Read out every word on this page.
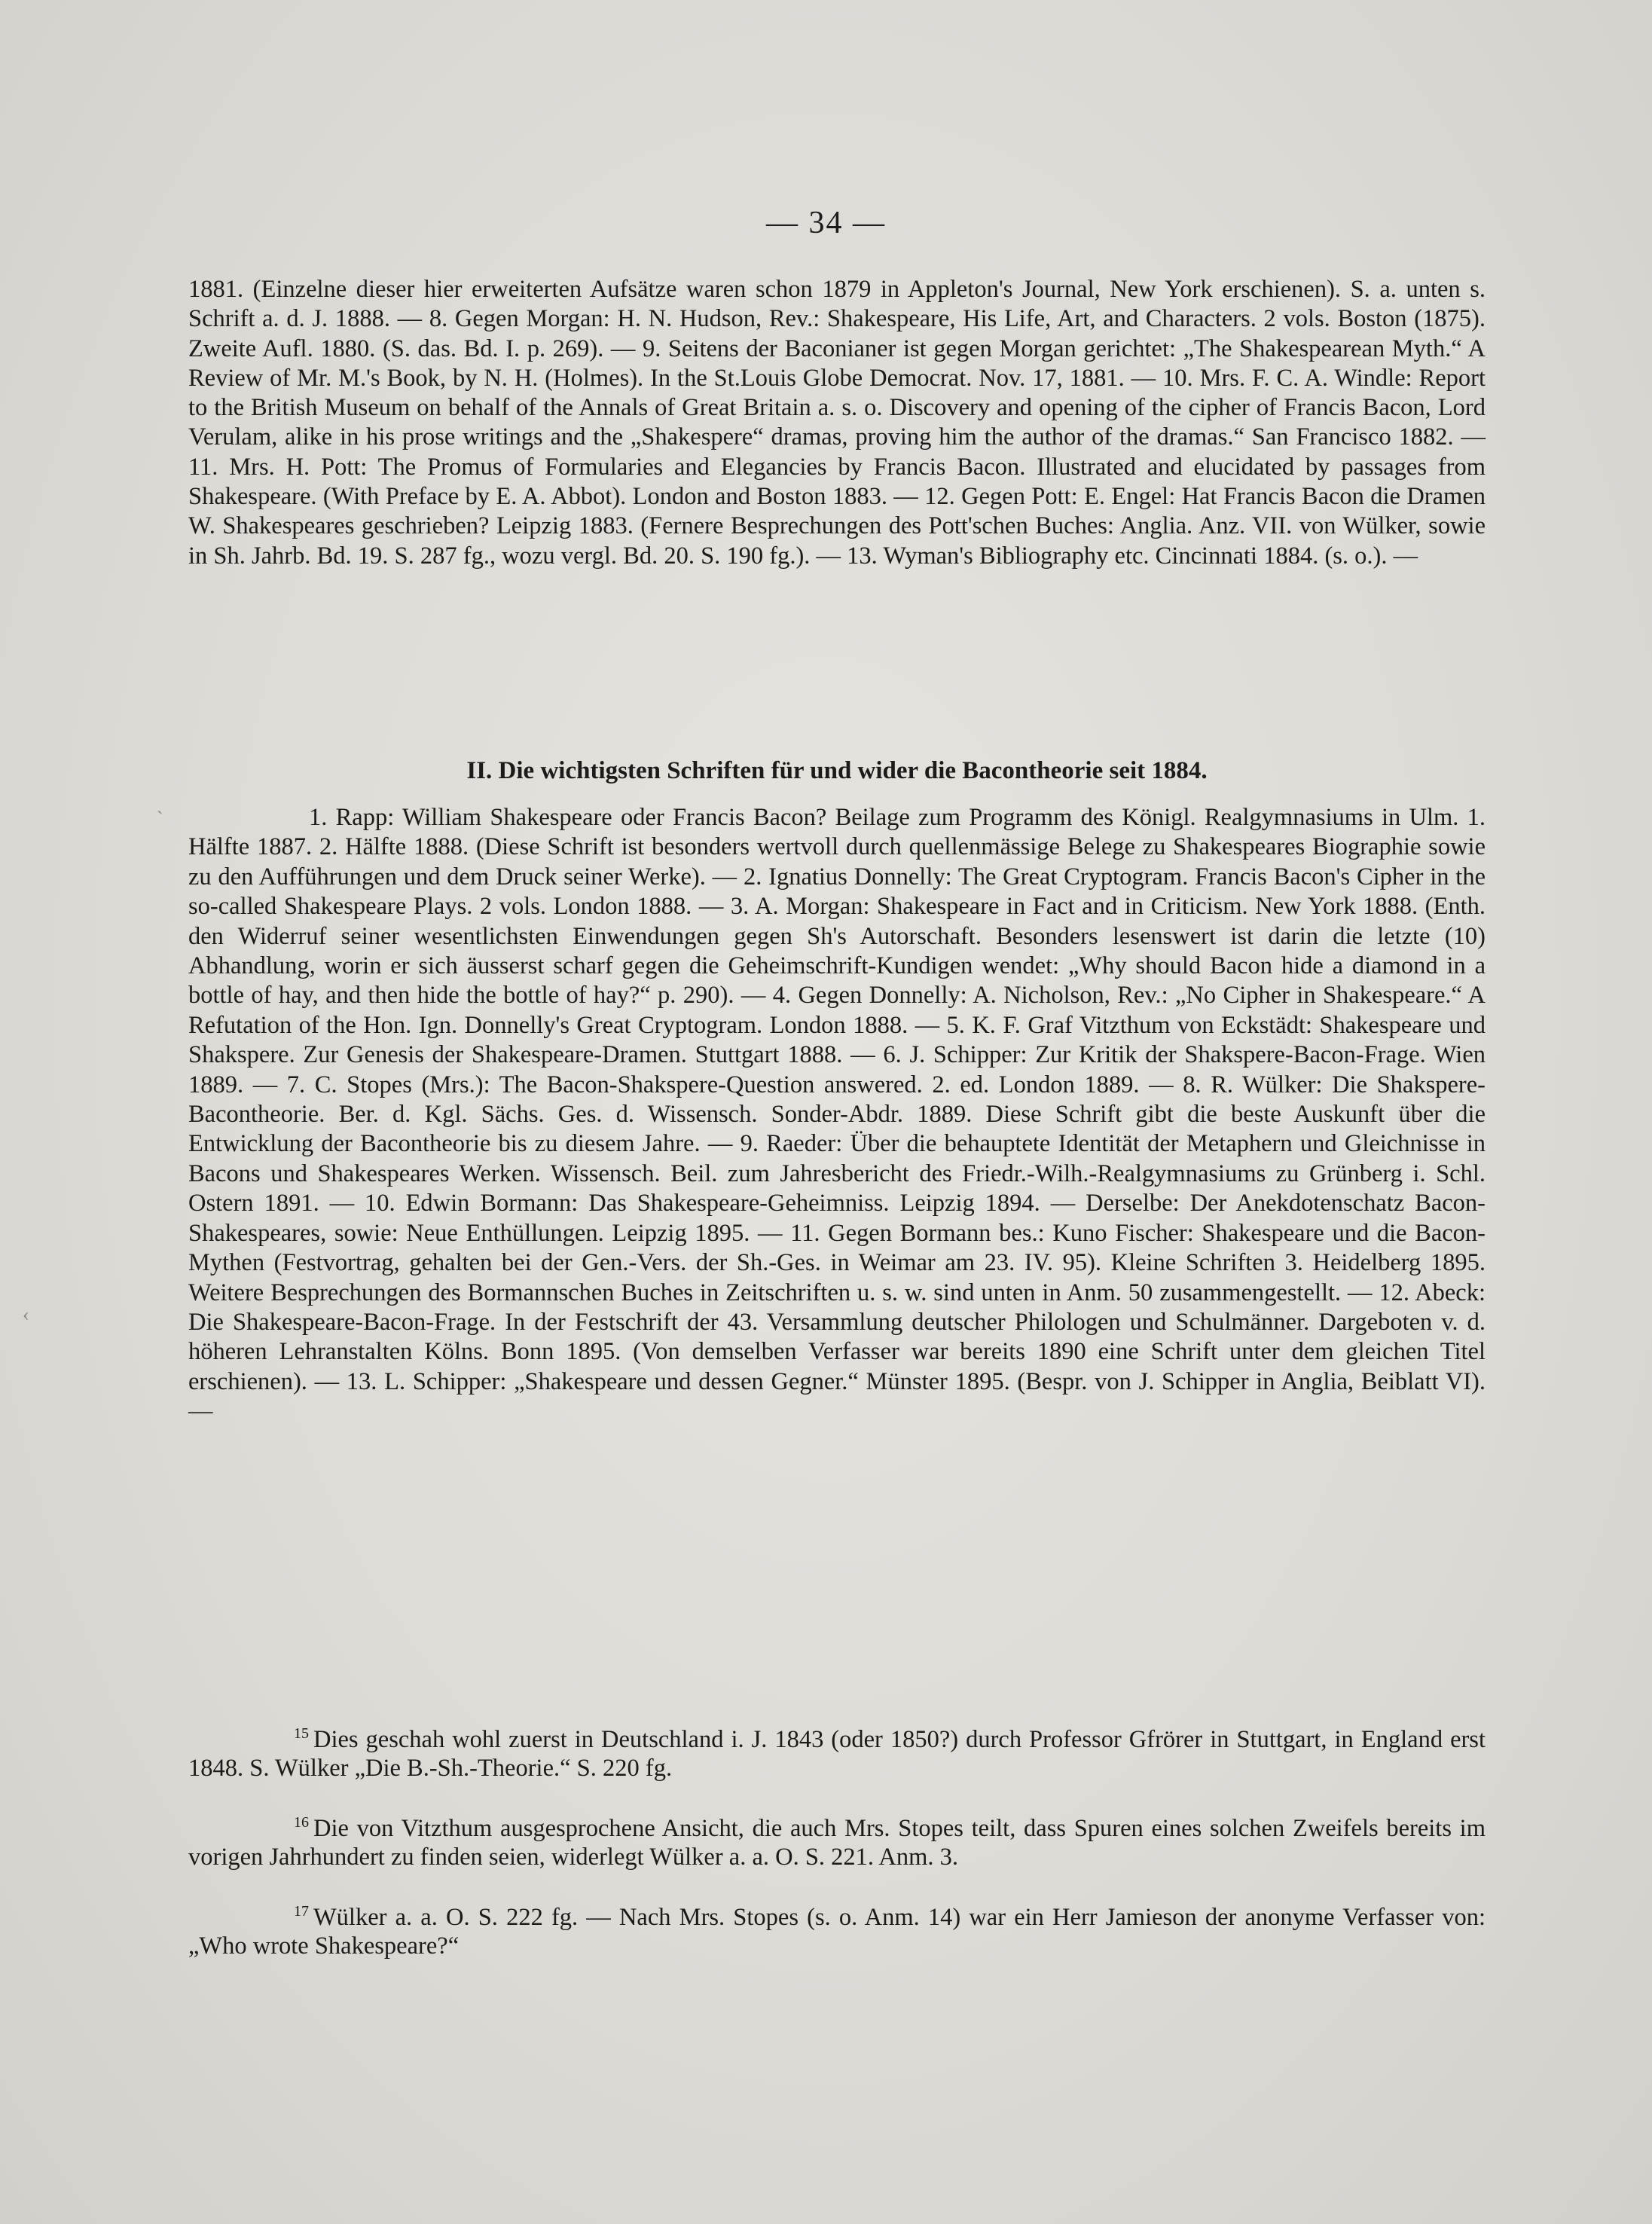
— 34 —

1881. (Einzelne dieser hier erweiterten Aufsätze waren schon 1879 in Appleton's Journal, New York erschienen). S. a. unten s. Schrift a. d. J. 1888. — 8. Gegen Morgan: H. N. Hudson, Rev.: Shakespeare, His Life, Art, and Characters. 2 vols. Boston (1875). Zweite Aufl. 1880. (S. das. Bd. I. p. 269). — 9. Seitens der Baconianer ist gegen Morgan gerichtet: „The Shakespearean Myth.“ A Review of Mr. M.'s Book, by N. H. (Holmes). In the St.Louis Globe Democrat. Nov. 17, 1881. — 10. Mrs. F. C. A. Windle: Report to the British Museum on behalf of the Annals of Great Britain a. s. o. Discovery and opening of the cipher of Francis Bacon, Lord Verulam, alike in his prose writings and the „Shakespere“ dramas, proving him the author of the dramas.“ San Francisco 1882. — 11. Mrs. H. Pott: The Promus of Formularies and Elegancies by Francis Bacon. Illustrated and elucidated by passages from Shakespeare. (With Preface by E. A. Abbot). London and Boston 1883. — 12. Gegen Pott: E. Engel: Hat Francis Bacon die Dramen W. Shakespeares geschrieben? Leipzig 1883. (Fernere Besprechungen des Pott'schen Buches: Anglia. Anz. VII. von Wülker, sowie in Sh. Jahrb. Bd. 19. S. 287 fg., wozu vergl. Bd. 20. S. 190 fg.). — 13. Wyman's Bibliography etc. Cincinnati 1884. (s. o.). —

II. Die wichtigsten Schriften für und wider die Bacontheorie seit 1884.

1. Rapp: William Shakespeare oder Francis Bacon? Beilage zum Programm des Königl. Realgymnasiums in Ulm. 1. Hälfte 1887. 2. Hälfte 1888. (Diese Schrift ist besonders wertvoll durch quellenmässige Belege zu Shakespeares Biographie sowie zu den Aufführungen und dem Druck seiner Werke). — 2. Ignatius Donnelly: The Great Cryptogram. Francis Bacon's Cipher in the so-called Shakespeare Plays. 2 vols. London 1888. — 3. A. Morgan: Shakespeare in Fact and in Criticism. New York 1888. (Enth. den Widerruf seiner wesentlichsten Einwendungen gegen Sh's Autorschaft. Besonders lesenswert ist darin die letzte (10) Abhandlung, worin er sich äusserst scharf gegen die Geheimschrift-Kundigen wendet: „Why should Bacon hide a diamond in a bottle of hay, and then hide the bottle of hay?“ p. 290). — 4. Gegen Donnelly: A. Nicholson, Rev.: „No Cipher in Shakespeare.“ A Refutation of the Hon. Ign. Donnelly's Great Cryptogram. London 1888. — 5. K. F. Graf Vitzthum von Eckstädt: Shakespeare und Shakspere. Zur Genesis der Shakespeare-Dramen. Stuttgart 1888. — 6. J. Schipper: Zur Kritik der Shakspere-Bacon-Frage. Wien 1889. — 7. C. Stopes (Mrs.): The Bacon-Shakspere-Question answered. 2. ed. London 1889. — 8. R. Wülker: Die Shakspere-Bacontheorie. Ber. d. Kgl. Sächs. Ges. d. Wissensch. Sonder-Abdr. 1889. Diese Schrift gibt die beste Auskunft über die Entwicklung der Bacontheorie bis zu diesem Jahre. — 9. Raeder: Über die behauptete Identität der Metaphern und Gleichnisse in Bacons und Shakespeares Werken. Wissensch. Beil. zum Jahresbericht des Friedr.-Wilh.-Realgymnasiums zu Grünberg i. Schl. Ostern 1891. — 10. Edwin Bormann: Das Shakespeare-Geheimniss. Leipzig 1894. — Derselbe: Der Anekdotenschatz Bacon-Shakespeares, sowie: Neue Enthüllungen. Leipzig 1895. — 11. Gegen Bormann bes.: Kuno Fischer: Shakespeare und die Bacon-Mythen (Festvortrag, gehalten bei der Gen.-Vers. der Sh.-Ges. in Weimar am 23. IV. 95). Kleine Schriften 3. Heidelberg 1895. Weitere Besprechungen des Bormannschen Buches in Zeitschriften u. s. w. sind unten in Anm. 50 zusammengestellt. — 12. Abeck: Die Shakespeare-Bacon-Frage. In der Festschrift der 43. Versammlung deutscher Philologen und Schulmänner. Dargeboten v. d. höheren Lehranstalten Kölns. Bonn 1895. (Von demselben Verfasser war bereits 1890 eine Schrift unter dem gleichen Titel erschienen). — 13. L. Schipper: „Shakespeare und dessen Gegner.“ Münster 1895. (Bespr. von J. Schipper in Anglia, Beiblatt VI). —

$^{15}$ Dies geschah wohl zuerst in Deutschland i. J. 1843 (oder 1850?) durch Professor Gfrörer in Stuttgart, in England erst 1848. S. Wülker „Die B.-Sh.-Theorie.“ S. 220 fg.
$^{16}$ Die von Vitzthum ausgesprochene Ansicht, die auch Mrs. Stopes teilt, dass Spuren eines solchen Zweifels bereits im vorigen Jahrhundert zu finden seien, widerlegt Wülker a. a. O. S. 221. Anm. 3.
$^{17}$ Wülker a. a. O. S. 222 fg. — Nach Mrs. Stopes (s. o. Anm. 14) war ein Herr Jamieson der anonyme Verfasser von: „Who wrote Shakespeare?“
`
‹
